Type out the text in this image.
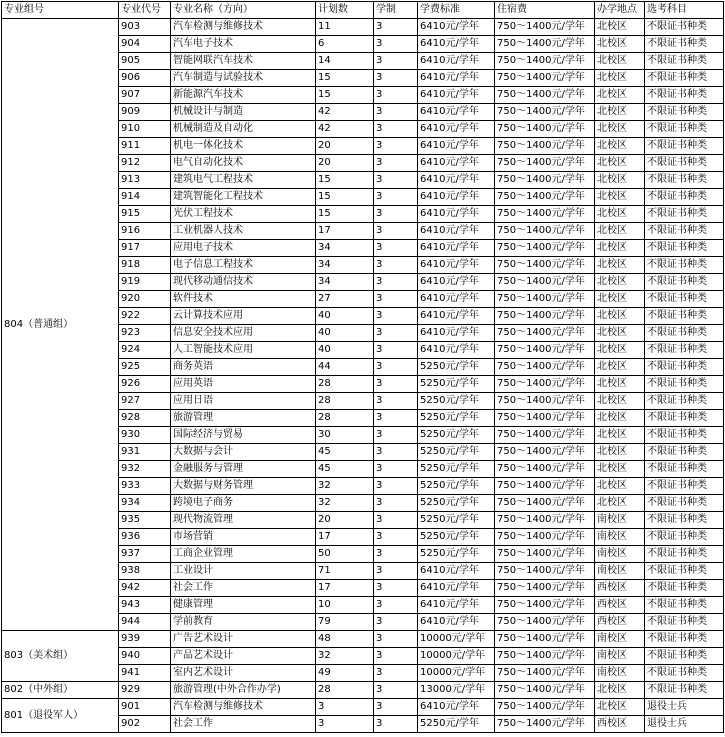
专业组号	专业代号	专业名称（方向）	计划数	学制	学费标准	住宿费	办学地点	选考科目
804（普通组）	903	汽车检测与维修技术	11	3	6410元/学年	750～1400元/学年	北校区	不限证书种类
	904	汽车电子技术	6	3	6410元/学年	750～1400元/学年	北校区	不限证书种类
	905	智能网联汽车技术	14	3	6410元/学年	750～1400元/学年	北校区	不限证书种类
	906	汽车制造与试验技术	15	3	6410元/学年	750～1400元/学年	北校区	不限证书种类
	907	新能源汽车技术	15	3	6410元/学年	750～1400元/学年	北校区	不限证书种类
	909	机械设计与制造	42	3	6410元/学年	750～1400元/学年	北校区	不限证书种类
	910	机械制造及自动化	42	3	6410元/学年	750～1400元/学年	北校区	不限证书种类
	911	机电一体化技术	20	3	6410元/学年	750～1400元/学年	北校区	不限证书种类
	912	电气自动化技术	20	3	6410元/学年	750～1400元/学年	北校区	不限证书种类
	913	建筑电气工程技术	15	3	6410元/学年	750～1400元/学年	北校区	不限证书种类
	914	建筑智能化工程技术	15	3	6410元/学年	750～1400元/学年	北校区	不限证书种类
	915	光伏工程技术	15	3	6410元/学年	750～1400元/学年	北校区	不限证书种类
	916	工业机器人技术	17	3	6410元/学年	750～1400元/学年	北校区	不限证书种类
	917	应用电子技术	34	3	6410元/学年	750～1400元/学年	北校区	不限证书种类
	918	电子信息工程技术	34	3	6410元/学年	750～1400元/学年	北校区	不限证书种类
	919	现代移动通信技术	34	3	6410元/学年	750～1400元/学年	北校区	不限证书种类
	920	软件技术	27	3	6410元/学年	750～1400元/学年	北校区	不限证书种类
	922	云计算技术应用	40	3	6410元/学年	750～1400元/学年	北校区	不限证书种类
	923	信息安全技术应用	40	3	6410元/学年	750～1400元/学年	北校区	不限证书种类
	924	人工智能技术应用	40	3	6410元/学年	750～1400元/学年	北校区	不限证书种类
	925	商务英语	44	3	5250元/学年	750～1400元/学年	北校区	不限证书种类
	926	应用英语	28	3	5250元/学年	750～1400元/学年	北校区	不限证书种类
	927	应用日语	28	3	5250元/学年	750～1400元/学年	北校区	不限证书种类
	928	旅游管理	28	3	5250元/学年	750～1400元/学年	北校区	不限证书种类
	930	国际经济与贸易	30	3	5250元/学年	750～1400元/学年	北校区	不限证书种类
	931	大数据与会计	45	3	5250元/学年	750～1400元/学年	北校区	不限证书种类
	932	金融服务与管理	45	3	5250元/学年	750～1400元/学年	北校区	不限证书种类
	933	大数据与财务管理	32	3	5250元/学年	750～1400元/学年	北校区	不限证书种类
	934	跨境电子商务	32	3	5250元/学年	750～1400元/学年	北校区	不限证书种类
	935	现代物流管理	20	3	5250元/学年	750～1400元/学年	南校区	不限证书种类
	936	市场营销	17	3	5250元/学年	750～1400元/学年	南校区	不限证书种类
	937	工商企业管理	50	3	5250元/学年	750～1400元/学年	南校区	不限证书种类
	938	工业设计	71	3	6410元/学年	750～1400元/学年	南校区	不限证书种类
	942	社会工作	17	3	6410元/学年	750～1400元/学年	西校区	不限证书种类
	943	健康管理	10	3	6410元/学年	750～1400元/学年	西校区	不限证书种类
	944	学前教育	79	3	6410元/学年	750～1400元/学年	西校区	不限证书种类
803（美术组）	939	广告艺术设计	48	3	10000元/学年	750～1400元/学年	南校区	不限证书种类
	940	产品艺术设计	32	3	10000元/学年	750～1400元/学年	南校区	不限证书种类
	941	室内艺术设计	49	3	10000元/学年	750～1400元/学年	南校区	不限证书种类
802（中外组）	929	旅游管理(中外合作办学)	28	3	13000元/学年	750～1400元/学年	北校区	不限证书种类
801（退役军人）	901	汽车检测与维修技术	3	3	6410元/学年	750～1400元/学年	北校区	退役士兵
	902	社会工作	3	3	5250元/学年	750～1400元/学年	西校区	退役士兵
